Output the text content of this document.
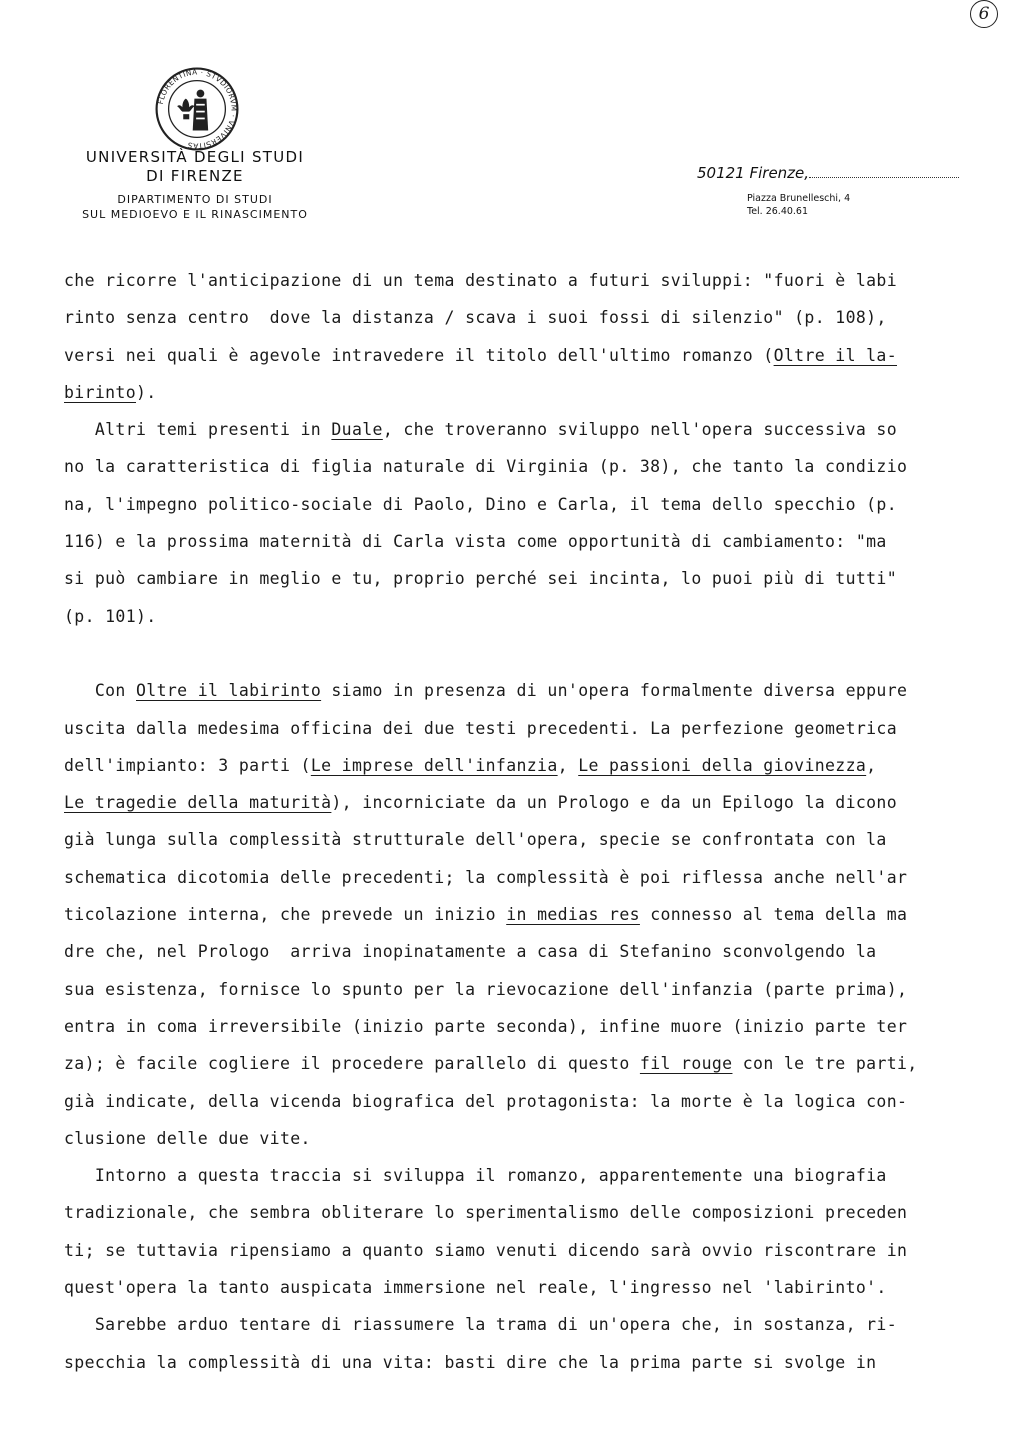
6
FLORENTINA · STVDIORVM · VNIVERSITAS
UNIVERSITÀ DEGLI STUDI
DI FIRENZE
DIPARTIMENTO DI STUDI
SUL MEDIOEVO E IL RINASCIMENTO
50121 Firenze,
Piazza Brunelleschi, 4
Tel. 26.40.61
che ricorre l'anticipazione di un tema destinato a futuri sviluppi: "fuori è labi
rinto senza centro  dove la distanza / scava i suoi fossi di silenzio" (p. 108),
versi nei quali è agevole intravedere il titolo dell'ultimo romanzo (Oltre il la-
birinto).
Altri temi presenti in Duale, che troveranno sviluppo nell'opera successiva so
no la caratteristica di figlia naturale di Virginia (p. 38), che tanto la condizio
na, l'impegno politico-sociale di Paolo, Dino e Carla, il tema dello specchio (p.
116) e la prossima maternità di Carla vista come opportunità di cambiamento: "ma
si può cambiare in meglio e tu, proprio perché sei incinta, lo puoi più di tutti"
(p. 101).
Con Oltre il labirinto siamo in presenza di un'opera formalmente diversa eppure
uscita dalla medesima officina dei due testi precedenti. La perfezione geometrica
dell'impianto: 3 parti (Le imprese dell'infanzia, Le passioni della giovinezza,
Le tragedie della maturità), incorniciate da un Prologo e da un Epilogo la dicono
già lunga sulla complessità strutturale dell'opera, specie se confrontata con la
schematica dicotomia delle precedenti; la complessità è poi riflessa anche nell'ar
ticolazione interna, che prevede un inizio in medias res connesso al tema della ma
dre che, nel Prologo  arriva inopinatamente a casa di Stefanino sconvolgendo la
sua esistenza, fornisce lo spunto per la rievocazione dell'infanzia (parte prima),
entra in coma irreversibile (inizio parte seconda), infine muore (inizio parte ter
za); è facile cogliere il procedere parallelo di questo fil rouge con le tre parti,
già indicate, della vicenda biografica del protagonista: la morte è la logica con-
clusione delle due vite.
Intorno a questa traccia si sviluppa il romanzo, apparentemente una biografia
tradizionale, che sembra obliterare lo sperimentalismo delle composizioni preceden
ti; se tuttavia ripensiamo a quanto siamo venuti dicendo sarà ovvio riscontrare in
quest'opera la tanto auspicata immersione nel reale, l'ingresso nel 'labirinto'.
Sarebbe arduo tentare di riassumere la trama di un'opera che, in sostanza, ri-
specchia la complessità di una vita: basti dire che la prima parte si svolge in
